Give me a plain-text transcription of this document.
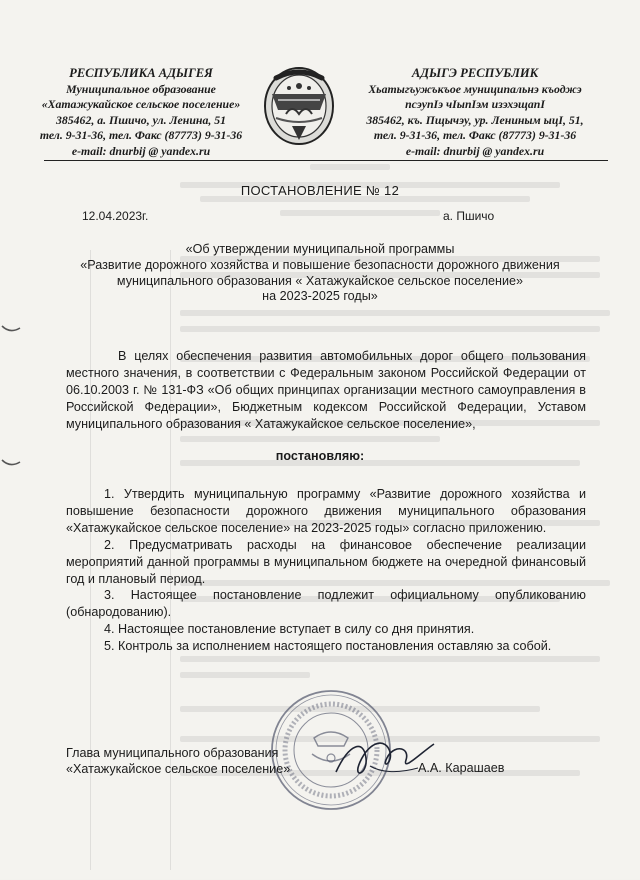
РЕСПУБЛИКА АДЫГЕЯ
Муниципальное образование
«Хатажукайское сельское поселение»
385462, а. Пшичо, ул. Ленина, 51
тел. 9-31-36, тел. Факс (87773) 9-31-36
e-mail: dnurbij @ yandex.ru
АДЫГЭ РЕСПУБЛИК
Хьатыгъужъкъое муниципальнэ къоджэ
псэупІэ чІыпІэм изэхэщапІ
385462, къ. Пщычэу, ур. Лениным ыцІ, 51,
тел. 9-31-36, тел. Факс (87773) 9-31-36
e-mail: dnurbij @ yandex.ru
ПОСТАНОВЛЕНИЕ № 12
12.04.2023г.	а. Пшичо
«Об утверждении муниципальной программы
«Развитие дорожного хозяйства и повышение безопасности дорожного движения
муниципального образования « Хатажукайское сельское поселение»
на 2023-2025 годы»
В целях обеспечения развития автомобильных дорог общего пользования местного значения, в соответствии с Федеральным законом Российской Федерации от 06.10.2003 г. № 131-ФЗ «Об общих принципах организации местного самоуправления в Российской Федерации», Бюджетным кодексом Российской Федерации, Уставом муниципального образования « Хатажукайское сельское поселение»,
постановляю:

1. Утвердить муниципальную программу «Развитие дорожного хозяйства и повышение безопасности дорожного движения муниципального образования «Хатажукайское сельское поселение» на 2023-2025 годы» согласно приложению.

2. Предусматривать расходы на финансовое обеспечение реализации мероприятий данной программы в муниципальном бюджете на очередной финансовый год и плановый период.

3. Настоящее постановление подлежит официальному опубликованию (обнародованию).

4. Настоящее постановление вступает в силу со дня принятия.

5. Контроль за исполнением настоящего постановления оставляю за собой.

Глава муниципального образования
«Хатажукайское сельское поселение»	А.А. Карашаев
